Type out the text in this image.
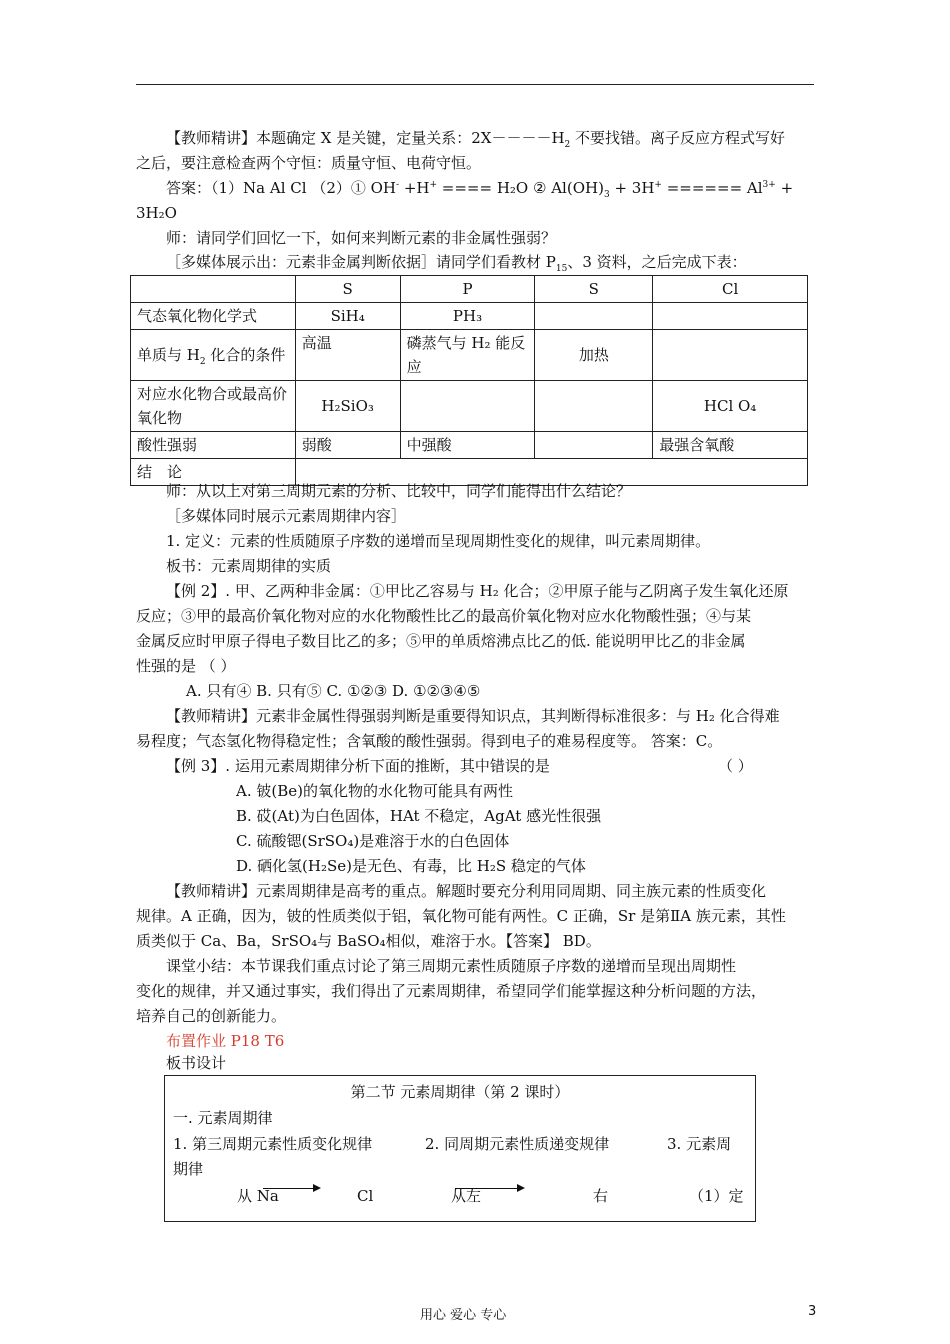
【教师精讲】本题确定 X 是关键，定量关系：$2X----H_2$ 不要找错。离子反应方程式写好
之后，要注意检查两个守恒：质量守恒、电荷守恒。
答案：（1）Na Al Cl （2）① OH- +H+ ==== H₂O ② $Al(OH)_3 + 3H^+$ ====== $Al^{3+}$ +
3H₂O
师：请同学们回忆一下，如何来判断元素的非金属性强弱？
［多媒体展示出：元素非金属判断依据］请同学们看教材 $P_{15}$、3 资料，之后完成下表：
	S	P	S	Cl
气态氧化物化学式	SiH₄	PH₃		
单质与 $H_2$ 化合的条件	高温	磷蒸气与 H₂ 能反应	加热	
对应水化物合或最高价氧化物	H₂SiO₃			HCl O₄
酸性强弱	弱酸	中强酸		最强含氧酸
结　论				
师：从以上对第三周期元素的分析、比较中，同学们能得出什么结论？
［多媒体同时展示元素周期律内容］
1. 定义：元素的性质随原子序数的递增而呈现周期性变化的规律，叫元素周期律。
板书：元素周期律的实质
【例 2】. 甲、乙两种非金属：①甲比乙容易与 H₂ 化合；②甲原子能与乙阴离子发生氧化还原
反应；③甲的最高价氧化物对应的水化物酸性比乙的最高价氧化物对应水化物酸性强；④与某
金属反应时甲原子得电子数目比乙的多；⑤甲的单质熔沸点比乙的低. 能说明甲比乙的非金属
性强的是 （ ）
A. 只有④ B. 只有⑤ C. ①②③ D. ①②③④⑤
【教师精讲】元素非金属性得强弱判断是重要得知识点，其判断得标准很多：与 H₂ 化合得难
易程度；气态氢化物得稳定性；含氧酸的酸性强弱。得到电子的难易程度等。 答案：C。
【例 3】. 运用元素周期律分析下面的推断，其中错误的是	（ ）
A. 铍(Be)的氧化物的水化物可能具有两性
B. 砹(At)为白色固体，HAt 不稳定，AgAt 感光性很强
C. 硫酸锶(SrSO₄)是难溶于水的白色固体
D. 硒化氢(H₂Se)是无色、有毒，比 H₂S 稳定的气体
【教师精讲】元素周期律是高考的重点。解题时要充分利用同周期、同主族元素的性质变化
规律。A 正确，因为，铍的性质类似于铝，氧化物可能有两性。C 正确，Sr 是第ⅡA 族元素，其性
质类似于 Ca、Ba，SrSO₄与 BaSO₄相似，难溶于水。【答案】 BD。
课堂小结：本节课我们重点讨论了第三周期元素性质随原子序数的递增而呈现出周期性
变化的规律，并又通过事实，我们得出了元素周期律，希望同学们能掌握这种分析问题的方法，
培养自己的创新能力。
布置作业 P18 T6
板书设计
第二节 元素周期律（第 2 课时）
一. 元素周期律
1. 第三周期元素性质变化规律	2. 同周期元素性质递变规律	3. 元素周
期律
从 Na	Cl	从左	右	（1）定
用心 爱心 专心	3
